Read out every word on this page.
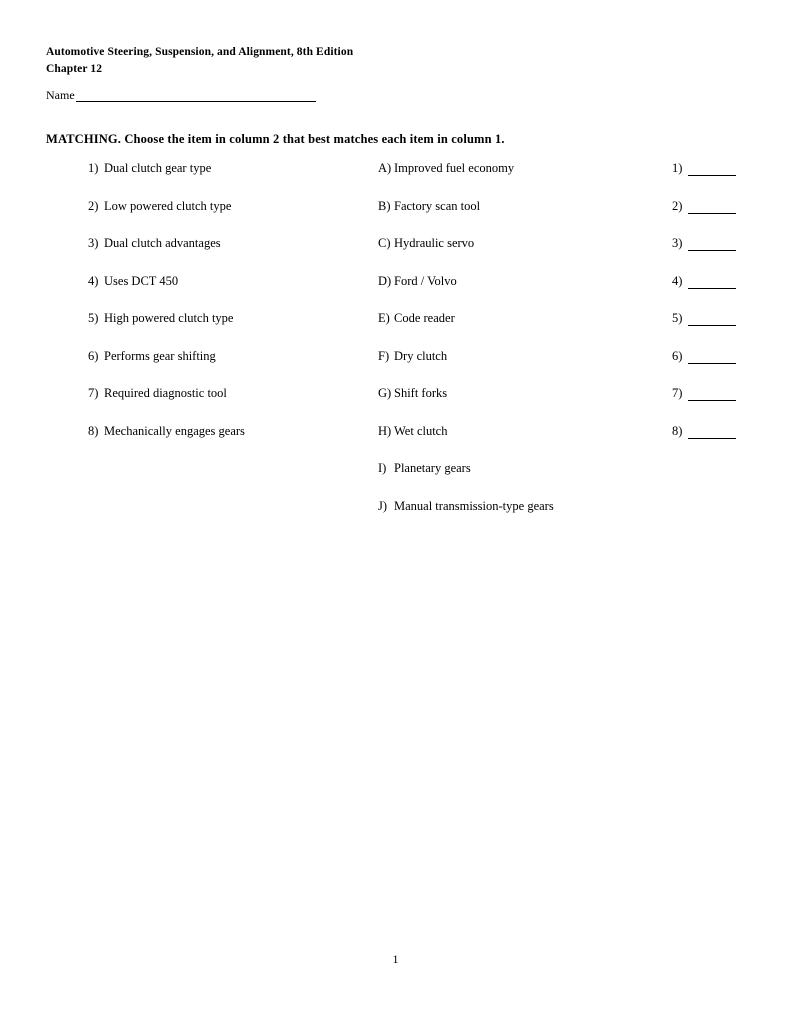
Automotive Steering, Suspension, and Alignment, 8th Edition
Chapter 12
Name
MATCHING. Choose the item in column 2 that best matches each item in column 1.
1) Dual clutch gear type	A) Improved fuel economy	1)
2) Low powered clutch type	B) Factory scan tool	2)
3) Dual clutch advantages	C) Hydraulic servo	3)
4) Uses DCT 450	D) Ford / Volvo	4)
5) High powered clutch type	E) Code reader	5)
6) Performs gear shifting	F) Dry clutch	6)
7) Required diagnostic tool	G) Shift forks	7)
8) Mechanically engages gears	H) Wet clutch	8)
I) Planetary gears
J) Manual transmission-type gears
1
